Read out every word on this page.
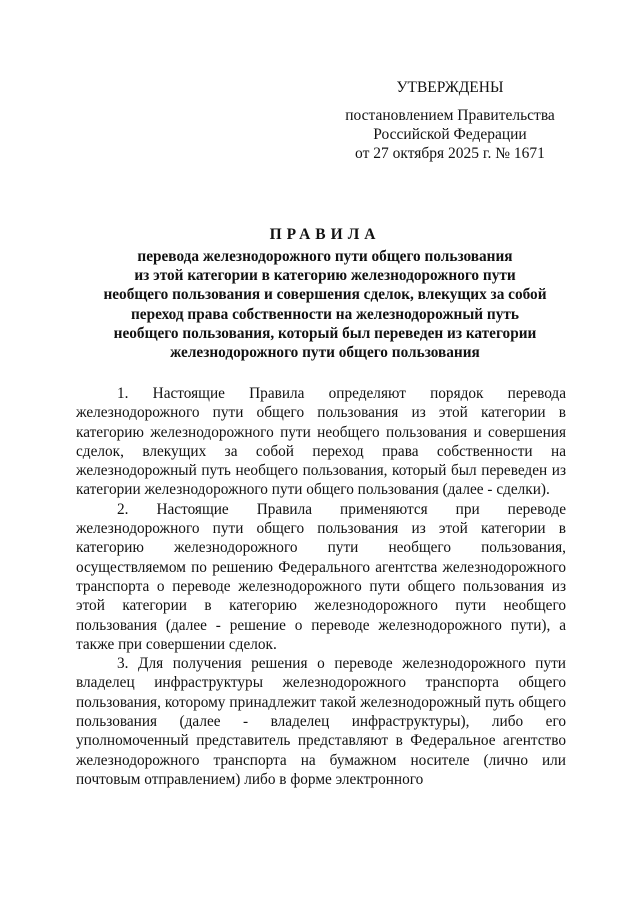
УТВЕРЖДЕНЫ
постановлением Правительства
Российской Федерации
от 27 октября 2025 г. № 1671
ПРАВИЛА
перевода железнодорожного пути общего пользования
из этой категории в категорию железнодорожного пути
необщего пользования и совершения сделок, влекущих за собой
переход права собственности на железнодорожный путь
необщего пользования, который был переведен из категории
железнодорожного пути общего пользования

1. Настоящие Правила определяют порядок перевода железнодорожного пути общего пользования из этой категории в категорию железнодорожного пути необщего пользования и совершения сделок, влекущих за собой переход права собственности на железнодорожный путь необщего пользования, который был переведен из категории железнодорожного пути общего пользования (далее - сделки).

2. Настоящие Правила применяются при переводе железнодорожного пути общего пользования из этой категории в категорию железнодорожного пути необщего пользования, осуществляемом по решению Федерального агентства железнодорожного транспорта о переводе железнодорожного пути общего пользования из этой категории в категорию железнодорожного пути необщего пользования (далее - решение о переводе железнодорожного пути), а также при совершении сделок.

3. Для получения решения о переводе железнодорожного пути владелец инфраструктуры железнодорожного транспорта общего пользования, которому принадлежит такой железнодорожный путь общего пользования (далее - владелец инфраструктуры), либо его уполномоченный представитель представляют в Федеральное агентство железнодорожного транспорта на бумажном носителе (лично или почтовым отправлением) либо в форме электронного
